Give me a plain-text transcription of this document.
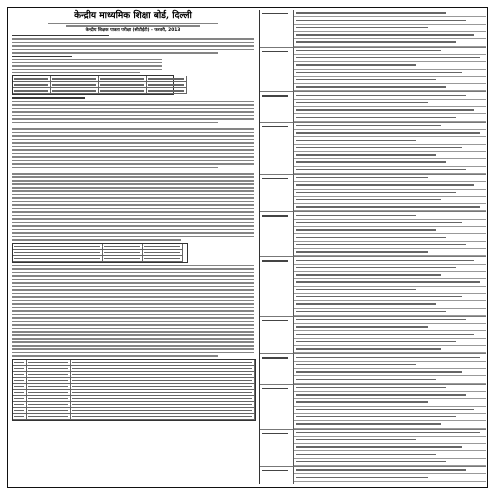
केन्द्रीय माध्यमिक शिक्षा बोर्ड, दिल्ली

केन्द्रीय शिक्षक पात्रता परीक्षा (सीटीईटी) - फरवरी, 2013
